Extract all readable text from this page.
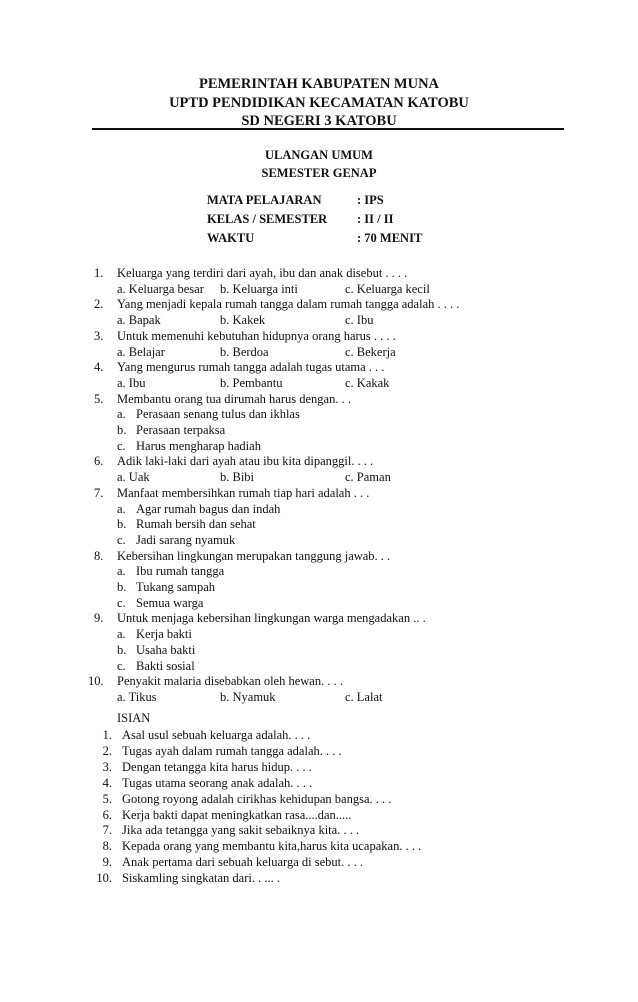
PEMERINTAH KABUPATEN MUNA
UPTD PENDIDIKAN KECAMATAN KATOBU
SD NEGERI 3 KATOBU
ULANGAN UMUM
SEMESTER GENAP
MATA PELAJARAN	: IPS
KELAS / SEMESTER : II / II
WAKTU	: 70 MENIT
1. Keluarga yang terdiri dari ayah, ibu dan anak disebut . . . .
a. Keluarga besar b. Keluarga inti	c. Keluarga kecil
2. Yang menjadi kepala rumah tangga dalam rumah tangga adalah . . . .
a. Bapak	b. Kakek	c. Ibu
3. Untuk memenuhi kebutuhan hidupnya orang harus . . . .
a. Belajar	b. Berdoa	c. Bekerja
4. Yang mengurus rumah tangga adalah tugas utama . . .
a. Ibu	b. Pembantu	c. Kakak
5. Membantu orang tua dirumah harus dengan. . .
a. Perasaan senang tulus dan ikhlas
b. Perasaan terpaksa
c. Harus mengharap hadiah
6. Adik laki-laki dari ayah atau ibu kita dipanggil. . . .
a. Uak	b. Bibi	c. Paman
7. Manfaat membersihkan rumah tiap hari adalah . . .
a. Agar rumah bagus dan indah
b. Rumah bersih dan sehat
c. Jadi sarang nyamuk
8. Kebersihan lingkungan merupakan tanggung jawab. . .
a. Ibu rumah tangga
b. Tukang sampah
c. Semua warga
9. Untuk menjaga kebersihan lingkungan warga mengadakan .. .
a. Kerja bakti
b. Usaha bakti
c. Bakti sosial
10. Penyakit malaria disebabkan oleh hewan. . . .
a. Tikus	b. Nyamuk	c. Lalat
ISIAN
1. Asal usul sebuah keluarga adalah. . . .
2. Tugas ayah dalam rumah tangga adalah. . . .
3. Dengan tetangga kita harus hidup. . . .
4. Tugas utama seorang anak adalah. . . .
5. Gotong royong adalah cirikhas kehidupan bangsa. . . .
6. Kerja bakti dapat meningkatkan rasa....dan.....
7. Jika ada tetangga yang sakit sebaiknya kita. . . .
8. Kepada orang yang membantu kita,harus kita ucapakan. . . .
9. Anak pertama dari sebuah keluarga di sebut. . . .
10. Siskamling singkatan dari. . ... .
